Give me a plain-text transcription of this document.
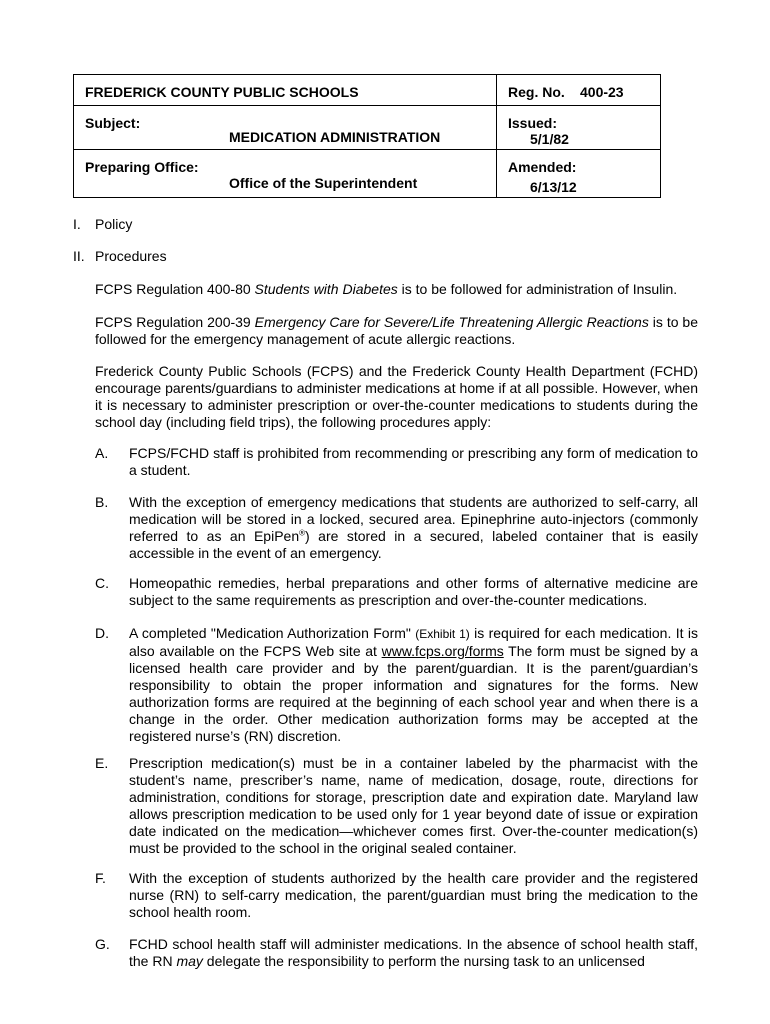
FREDERICK COUNTY PUBLIC SCHOOLS	Reg. No. 400-23
Subject:
MEDICATION ADMINISTRATION
Issued:
5/1/82
Preparing Office:
Office of the Superintendent
Amended:
6/13/12
I. Policy
II. Procedures
FCPS Regulation 400-80 Students with Diabetes is to be followed for administration of Insulin.
FCPS Regulation 200-39 Emergency Care for Severe/Life Threatening Allergic Reactions is to be followed for the emergency management of acute allergic reactions.
Frederick County Public Schools (FCPS) and the Frederick County Health Department (FCHD) encourage parents/guardians to administer medications at home if at all possible. However, when it is necessary to administer prescription or over-the-counter medications to students during the school day (including field trips), the following procedures apply:
A. FCPS/FCHD staff is prohibited from recommending or prescribing any form of medication to a student.
B. With the exception of emergency medications that students are authorized to self-carry, all medication will be stored in a locked, secured area. Epinephrine auto-injectors (commonly referred to as an EpiPen®) are stored in a secured, labeled container that is easily accessible in the event of an emergency.
C. Homeopathic remedies, herbal preparations and other forms of alternative medicine are subject to the same requirements as prescription and over-the-counter medications.
D. A completed "Medication Authorization Form" (Exhibit 1) is required for each medication. It is also available on the FCPS Web site at www.fcps.org/forms The form must be signed by a licensed health care provider and by the parent/guardian. It is the parent/guardian’s responsibility to obtain the proper information and signatures for the forms. New authorization forms are required at the beginning of each school year and when there is a change in the order. Other medication authorization forms may be accepted at the registered nurse’s (RN) discretion.
E. Prescription medication(s) must be in a container labeled by the pharmacist with the student’s name, prescriber’s name, name of medication, dosage, route, directions for administration, conditions for storage, prescription date and expiration date. Maryland law allows prescription medication to be used only for 1 year beyond date of issue or expiration date indicated on the medication—whichever comes first. Over-the-counter medication(s) must be provided to the school in the original sealed container.
F. With the exception of students authorized by the health care provider and the registered nurse (RN) to self-carry medication, the parent/guardian must bring the medication to the school health room.
G. FCHD school health staff will administer medications. In the absence of school health staff, the RN may delegate the responsibility to perform the nursing task to an unlicensed
